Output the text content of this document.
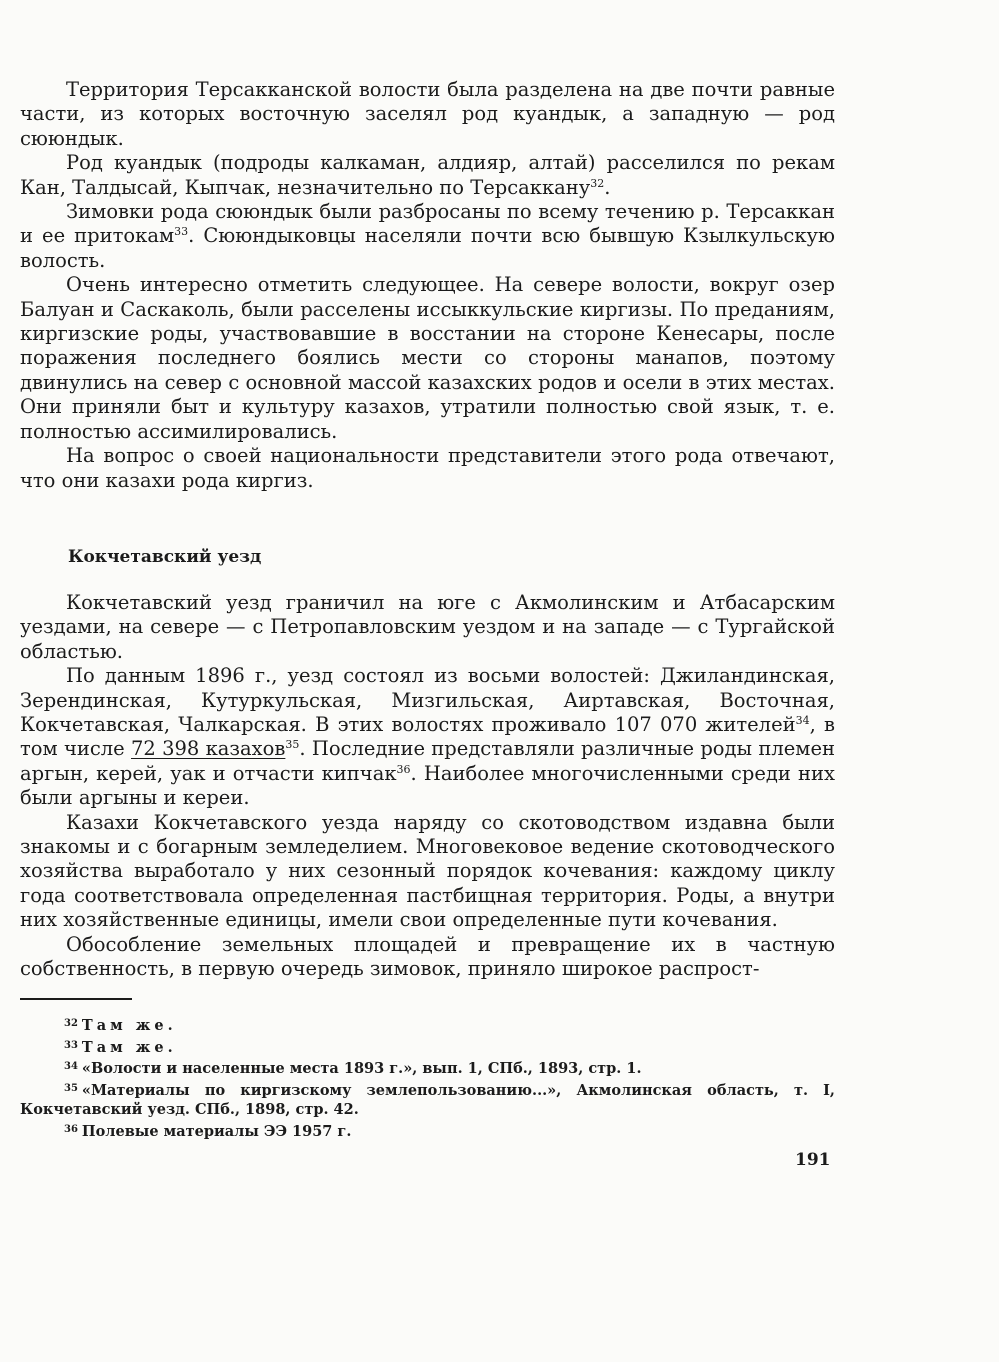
Территория Терсакканской волости была разделена на две почти равные части, из которых восточную заселял род куандык, а западную — род сююндык.

Род куандык (подроды калкаман, алдияр, алтай) расселился по рекам Кан, Талдысай, Кыпчак, незначительно по Терсаккану$^{32}$.

Зимовки рода сююндык были разбросаны по всему течению р. Терсаккан и ее притокам$^{33}$. Сююндыковцы населяли почти всю бывшую Кзылкульскую волость.

Очень интересно отметить следующее. На севере волости, вокруг озер Балуан и Саскаколь, были расселены иссыккульские киргизы. По преданиям, киргизские роды, участвовавшие в восстании на стороне Кенесары, после поражения последнего боялись мести со стороны манапов, поэтому двинулись на север с основной массой казахских родов и осели в этих местах. Они приняли быт и культуру казахов, утратили полностью свой язык, т. е. полностью ассимилировались.

На вопрос о своей национальности представители этого рода отвечают, что они казахи рода киргиз.

Кокчетавский уезд

Кокчетавский уезд граничил на юге с Акмолинским и Атбасарским уездами, на севере — с Петропавловским уездом и на западе — с Тургайской областью.

По данным 1896 г., уезд состоял из восьми волостей: Джиландинская, Зерендинская, Кутуркульская, Мизгильская, Аиртавская, Восточная, Кокчетавская, Чалкарская. В этих волостях проживало 107 070 жителей$^{34}$, в том числе 72 398 казахов$^{35}$. Последние представляли различные роды племен аргын, керей, уак и отчасти кипчак$^{36}$. Наиболее многочисленными среди них были аргыны и кереи.

Казахи Кокчетавского уезда наряду со скотоводством издавна были знакомы и с богарным земледелием. Многовековое ведение скотоводческого хозяйства выработало у них сезонный порядок кочевания: каждому циклу года соответствовала определенная пастбищная территория. Роды, а внутри них хозяйственные единицы, имели свои определенные пути кочевания.

Обособление земельных площадей и превращение их в частную собственность, в первую очередь зимовок, приняло широкое распрост-

$^{32}$ Там же.

$^{33}$ Там же.

$^{34}$ «Волости и населенные места 1893 г.», вып. 1, СПб., 1893, стр. 1.

$^{35}$ «Материалы по киргизскому землепользованию...», Акмолинская область, т. I, Кокчетавский уезд. СПб., 1898, стр. 42.

$^{36}$ Полевые материалы ЭЭ 1957 г.

191
